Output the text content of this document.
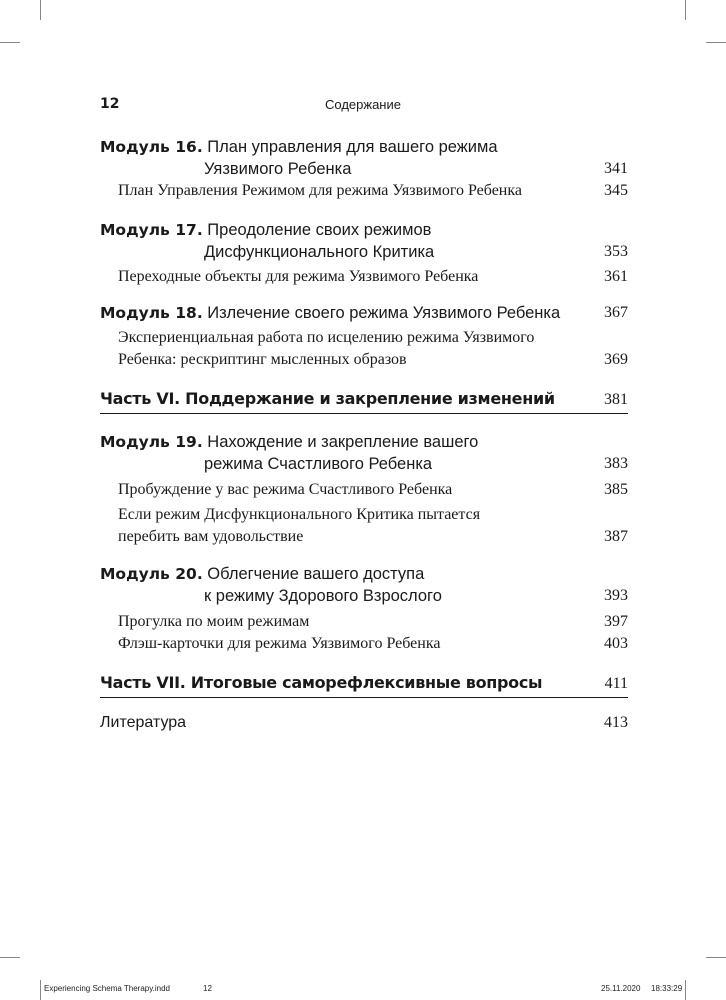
12	Содержание
Модуль 16. План управления для вашего режима
Уязвимого Ребенка	341
План Управления Режимом для режима Уязвимого Ребенка	345
Модуль 17. Преодоление своих режимов
Дисфункционального Критика	353
Переходные объекты для режима Уязвимого Ребенка	361
Модуль 18. Излечение своего режима Уязвимого Ребенка	367
Экспериенциальная работа по исцелению режима Уязвимого
Ребенка: рескриптинг мысленных образов	369
Часть VI. Поддержание и закрепление изменений	381
Модуль 19. Нахождение и закрепление вашего
режима Счастливого Ребенка	383
Пробуждение у вас режима Счастливого Ребенка	385
Если режим Дисфункционального Критика пытается
перебить вам удовольствие	387
Модуль 20. Облегчение вашего доступа
к режиму Здорового Взрослого	393
Прогулка по моим режимам	397
Флэш-карточки для режима Уязвимого Ребенка	403
Часть VII. Итоговые саморефлексивные вопросы	411
Литература	413
Experiencing Schema Therapy.indd	12	25.11.2020 18:33:29
